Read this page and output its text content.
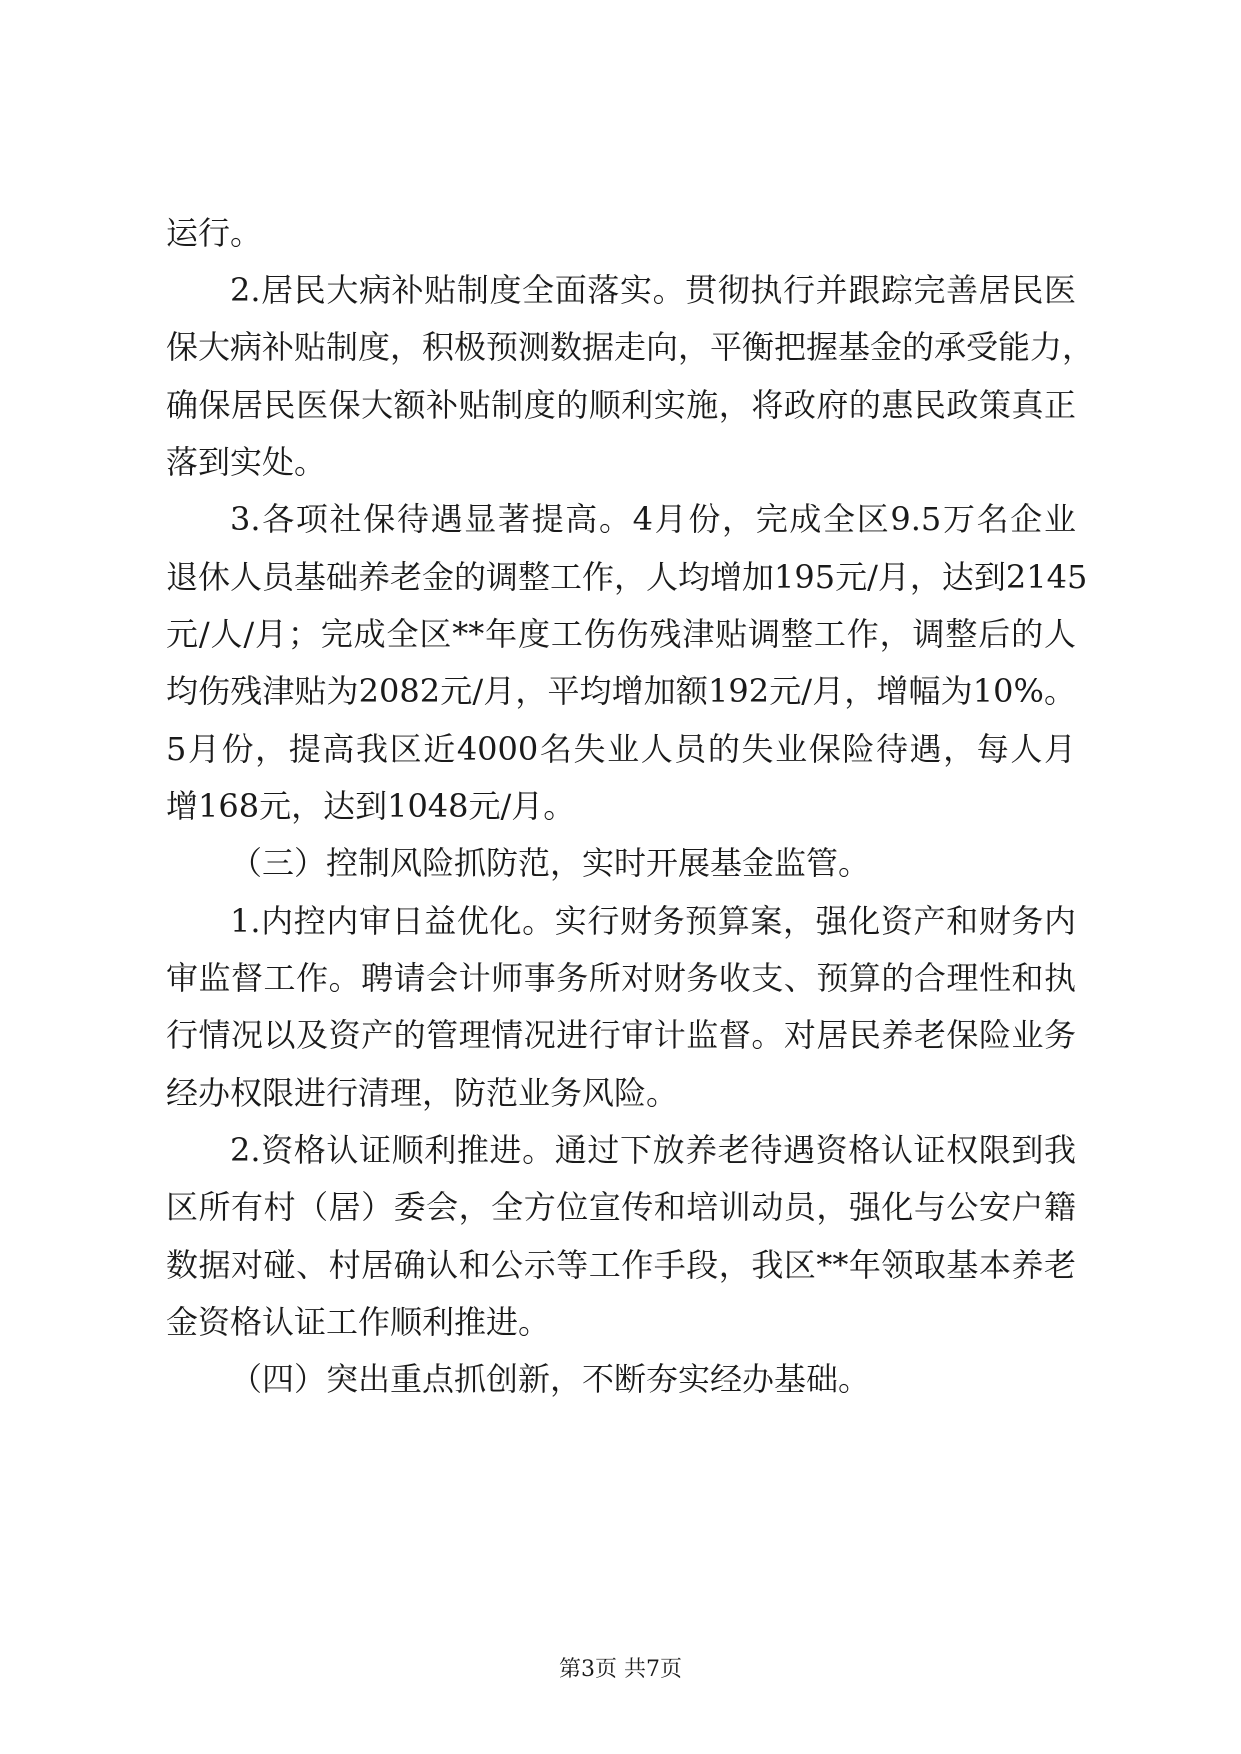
运行。
2.居民大病补贴制度全面落实。贯彻执行并跟踪完善居民医
保大病补贴制度，积极预测数据走向，平衡把握基金的承受能力，
确保居民医保大额补贴制度的顺利实施，将政府的惠民政策真正
落到实处。
3.各项社保待遇显著提高。4月份，完成全区9.5万名企业
退休人员基础养老金的调整工作，人均增加195元/月，达到2145
元/人/月；完成全区**年度工伤伤残津贴调整工作，调整后的人
均伤残津贴为2082元/月，平均增加额192元/月，增幅为10%。
5月份，提高我区近4000名失业人员的失业保险待遇，每人月
增168元，达到1048元/月。
（三）控制风险抓防范，实时开展基金监管。
1.内控内审日益优化。实行财务预算案，强化资产和财务内
审监督工作。聘请会计师事务所对财务收支、预算的合理性和执
行情况以及资产的管理情况进行审计监督。对居民养老保险业务
经办权限进行清理，防范业务风险。
2.资格认证顺利推进。通过下放养老待遇资格认证权限到我
区所有村（居）委会，全方位宣传和培训动员，强化与公安户籍
数据对碰、村居确认和公示等工作手段，我区**年领取基本养老
金资格认证工作顺利推进。
（四）突出重点抓创新，不断夯实经办基础。
第3页 共7页
